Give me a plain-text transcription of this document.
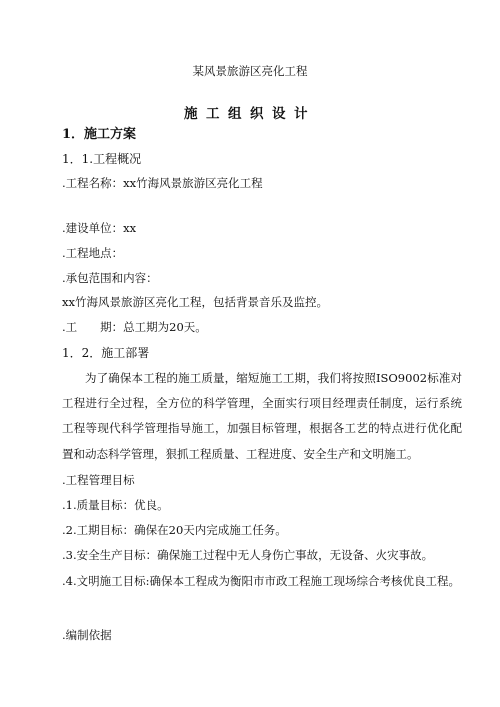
某风景旅游区亮化工程
施工组织设计
1．施工方案
1．1.工程概况
.工程名称：xx竹海风景旅游区亮化工程
.建设单位：xx
.工程地点：
.承包范围和内容：
xx竹海风景旅游区亮化工程，包括背景音乐及监控。
.工　　期：总工期为20天。
1．2．施工部署
为了确保本工程的施工质量，缩短施工工期，我们将按照ISO9002标准对工程进行全过程，全方位的科学管理，全面实行项目经理责任制度，运行系统工程等现代科学管理指导施工，加强目标管理，根据各工艺的特点进行优化配置和动态科学管理，狠抓工程质量、工程进度、安全生产和文明施工。
.工程管理目标
.1.质量目标：优良。
.2.工期目标：确保在20天内完成施工任务。
.3.安全生产目标：确保施工过程中无人身伤亡事故，无设备、火灾事故。
.4.文明施工目标:确保本工程成为衡阳市市政工程施工现场综合考核优良工程。
.编制依据
